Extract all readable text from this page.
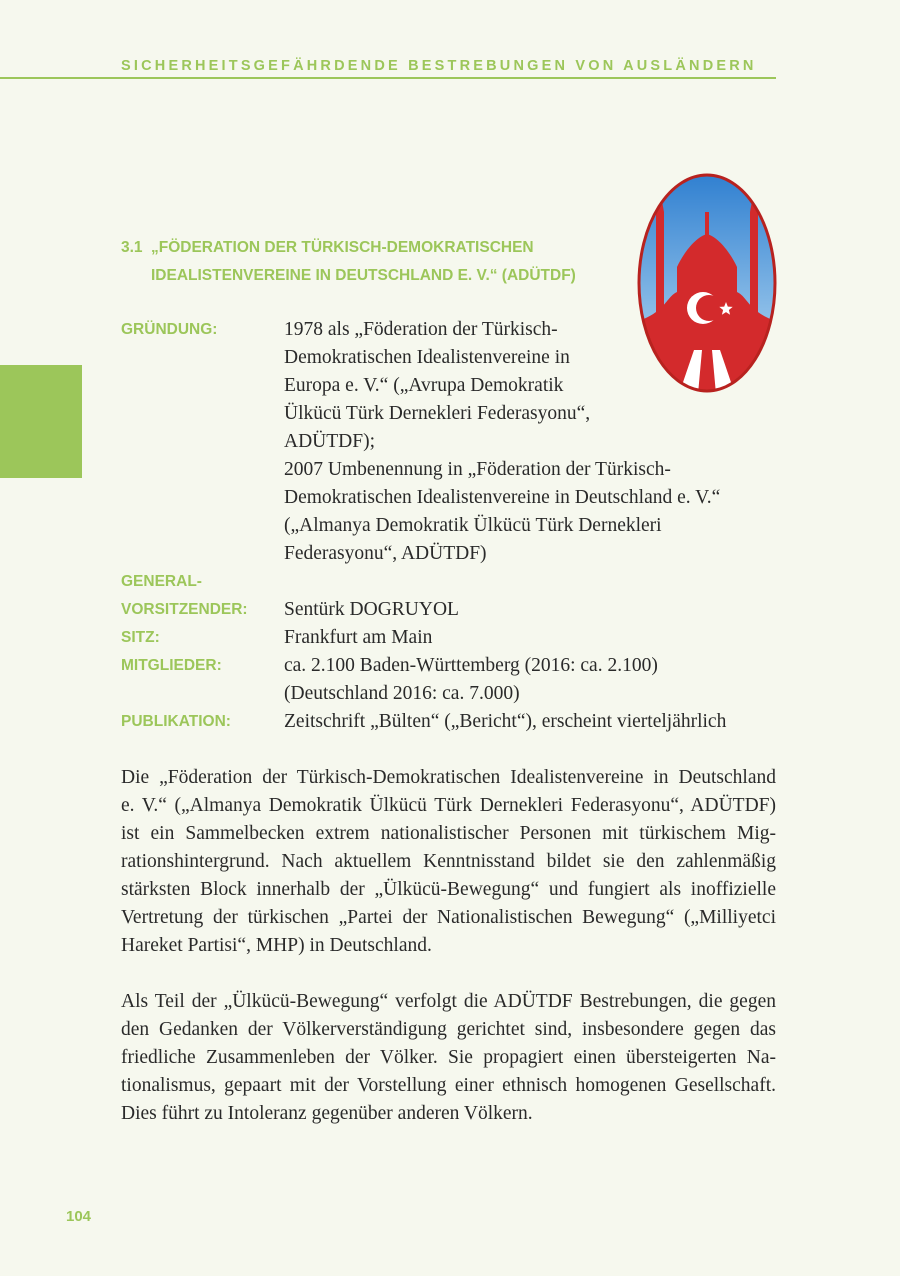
SICHERHEITSGEFÄHRDENDE BESTREBUNGEN VON AUSLÄNDERN
3.1 „FÖDERATION DER TÜRKISCH-DEMOKRATISCHEN
IDEALISTENVEREINE IN DEUTSCHLAND E. V.“ (ADÜTDF)
GRÜNDUNG:	1978 als „Föderation der Türkisch-
Demokratischen Idealistenvereine in
Europa e. V.“ („Avrupa Demokratik
Ülkücü Türk Dernekleri Federasyonu“,
ADÜTDF);
2007 Umbenennung in „Föderation der Türkisch-
Demokratischen Idealistenvereine in Deutschland e. V.“
(„Almanya Demokratik Ülkücü Türk Dernekleri
Federasyonu“, ADÜTDF)
GENERAL-
VORSITZENDER: Sentürk DOGRUYOL
SITZ:	Frankfurt am Main
MITGLIEDER:	ca. 2.100 Baden-Württemberg (2016: ca. 2.100)
(Deutschland 2016: ca. 7.000)
PUBLIKATION:	Zeitschrift „Bülten“ („Bericht“), erscheint vierteljährlich
Die „Föderation der Türkisch-Demokratischen Idealistenvereine in Deutschland
e. V.“ („Almanya Demokratik Ülkücü Türk Dernekleri Federasyonu“, ADÜTDF)
ist ein Sammelbecken extrem nationalistischer Personen mit türkischem Mig-
rationshintergrund. Nach aktuellem Kenntnisstand bildet sie den zahlenmäßig
stärksten Block innerhalb der „Ülkücü-Bewegung“ und fungiert als inoffizielle
Vertretung der türkischen „Partei der Nationalistischen Bewegung“ („Milliyetci
Hareket Partisi“, MHP) in Deutschland.
Als Teil der „Ülkücü-Bewegung“ verfolgt die ADÜTDF Bestrebungen, die gegen
den Gedanken der Völkerverständigung gerichtet sind, insbesondere gegen das
friedliche Zusammenleben der Völker. Sie propagiert einen übersteigerten Na-
tionalismus, gepaart mit der Vorstellung einer ethnisch homogenen Gesellschaft.
Dies führt zu Intoleranz gegenüber anderen Völkern.
104
